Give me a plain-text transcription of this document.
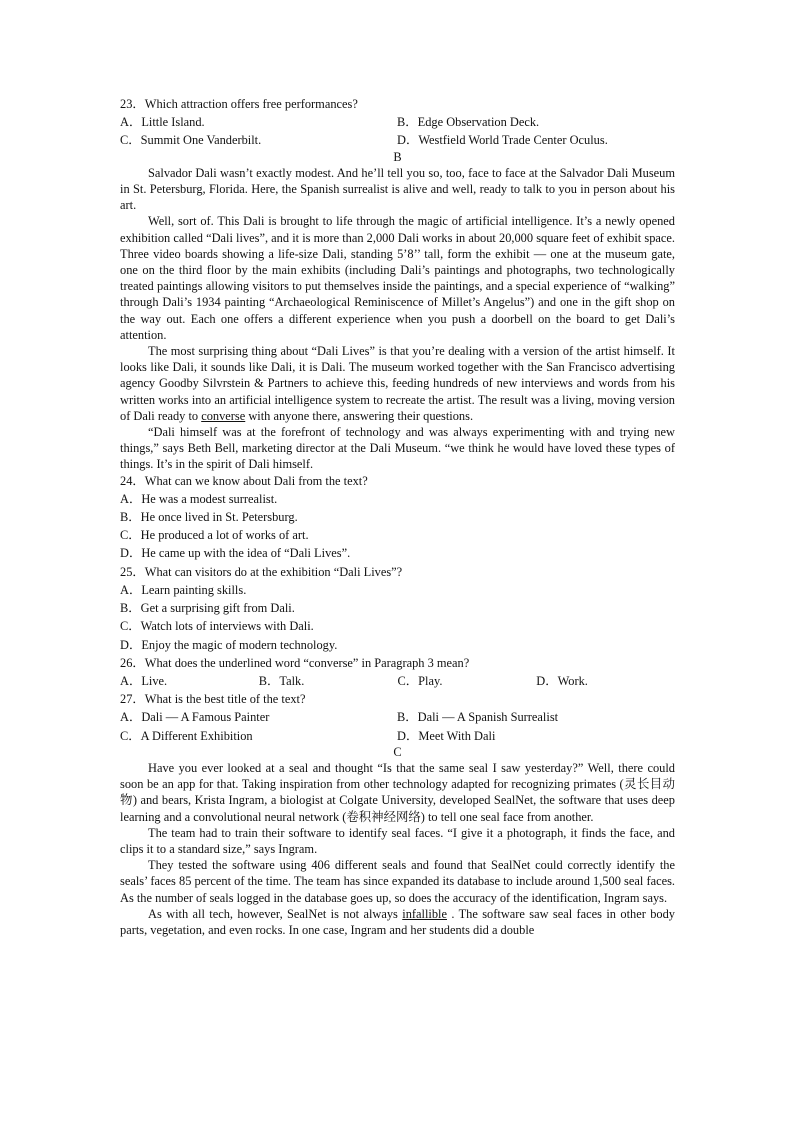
23．Which attraction offers free performances?

A．Little Island.	B．Edge Observation Deck.
C．Summit One Vanderbilt.	D．Westfield World Trade Center Oculus.

B

Salvador Dali wasn’t exactly modest. And he’ll tell you so, too, face to face at the Salvador Dali Museum in St. Petersburg, Florida. Here, the Spanish surrealist is alive and well, ready to talk to you in person about his art.

Well, sort of. This Dali is brought to life through the magic of artificial intelligence. It’s a newly opened exhibition called “Dali lives”, and it is more than 2,000 Dali works in about 20,000 square feet of exhibit space. Three video boards showing a life-size Dali, standing 5’8’’ tall, form the exhibit — one at the museum gate, one on the third floor by the main exhibits (including Dali’s paintings and photographs, two technologically treated paintings allowing visitors to put themselves inside the paintings, and a special experience of “walking” through Dali’s 1934 painting “Archaeological Reminiscence of Millet’s Angelus”) and one in the gift shop on the way out. Each one offers a different experience when you push a doorbell on the board to get Dali’s attention.

The most surprising thing about “Dali Lives” is that you’re dealing with a version of the artist himself. It looks like Dali, it sounds like Dali, it is Dali. The museum worked together with the San Francisco advertising agency Goodby Silvrstein & Partners to achieve this, feeding hundreds of new interviews and words from his written works into an artificial intelligence system to recreate the artist. The result was a living, moving version of Dali ready to converse with anyone there, answering their questions.

“Dali himself was at the forefront of technology and was always experimenting with and trying new things,” says Beth Bell, marketing director at the Dali Museum. “we think he would have loved these types of things. It’s in the spirit of Dali himself.

24．What can we know about Dali from the text?

A．He was a modest surrealist.
B．He once lived in St. Petersburg.
C．He produced a lot of works of art.
D．He came up with the idea of “Dali Lives”.

25．What can visitors do at the exhibition “Dali Lives”?

A．Learn painting skills.
B．Get a surprising gift from Dali.
C．Watch lots of interviews with Dali.
D．Enjoy the magic of modern technology.

26．What does the underlined word “converse” in Paragraph 3 mean?

A．Live.	B．Talk.	C．Play.	D．Work.

27．What is the best title of the text?

A．Dali — A Famous Painter	B．Dali — A Spanish Surrealist
C．A Different Exhibition	D．Meet With Dali

C

Have you ever looked at a seal and thought “Is that the same seal I saw yesterday?” Well, there could soon be an app for that. Taking inspiration from other technology adapted for recognizing primates (灵长目动物) and bears, Krista Ingram, a biologist at Colgate University, developed SealNet, the software that uses deep learning and a convolutional neural network (卷积神经网络) to tell one seal face from another.

The team had to train their software to identify seal faces. “I give it a photograph, it finds the face, and clips it to a standard size,” says Ingram.

They tested the software using 406 different seals and found that SealNet could correctly identify the seals’ faces 85 percent of the time. The team has since expanded its database to include around 1,500 seal faces. As the number of seals logged in the database goes up, so does the accuracy of the identification, Ingram says.

As with all tech, however, SealNet is not always infallible . The software saw seal faces in other body parts, vegetation, and even rocks. In one case, Ingram and her students did a double
